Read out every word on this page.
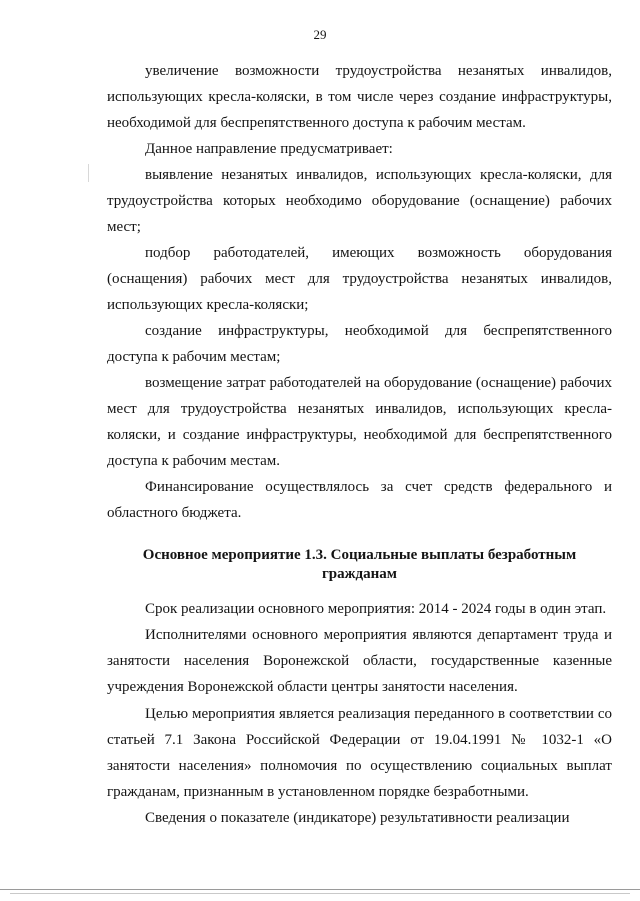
29

увеличение возможности трудоустройства незанятых инвалидов, использующих кресла-коляски, в том числе через создание инфраструктуры, необходимой для беспрепятственного доступа к рабочим местам.

Данное направление предусматривает:

выявление незанятых инвалидов, использующих кресла-коляски, для трудоустройства которых необходимо оборудование (оснащение) рабочих мест;

подбор работодателей, имеющих возможность оборудования (оснащения) рабочих мест для трудоустройства незанятых инвалидов, использующих кресла-коляски;

создание инфраструктуры, необходимой для беспрепятственного доступа к рабочим местам;

возмещение затрат работодателей на оборудование (оснащение) рабочих мест для трудоустройства незанятых инвалидов, использующих кресла-коляски, и создание инфраструктуры, необходимой для беспрепятственного доступа к рабочим местам.

Финансирование осуществлялось за счет средств федерального и областного бюджета.

Основное мероприятие 1.3. Социальные выплаты безработным гражданам

Срок реализации основного мероприятия: 2014 - 2024 годы в один этап.

Исполнителями основного мероприятия являются департамент труда и занятости населения Воронежской области, государственные казенные учреждения Воронежской области центры занятости населения.

Целью мероприятия является реализация переданного в соответствии со статьей 7.1 Закона Российской Федерации от 19.04.1991 № 1032-1 «О занятости населения» полномочия по осуществлению социальных выплат гражданам, признанным в установленном порядке безработными.

Сведения о показателе (индикаторе) результативности реализации
